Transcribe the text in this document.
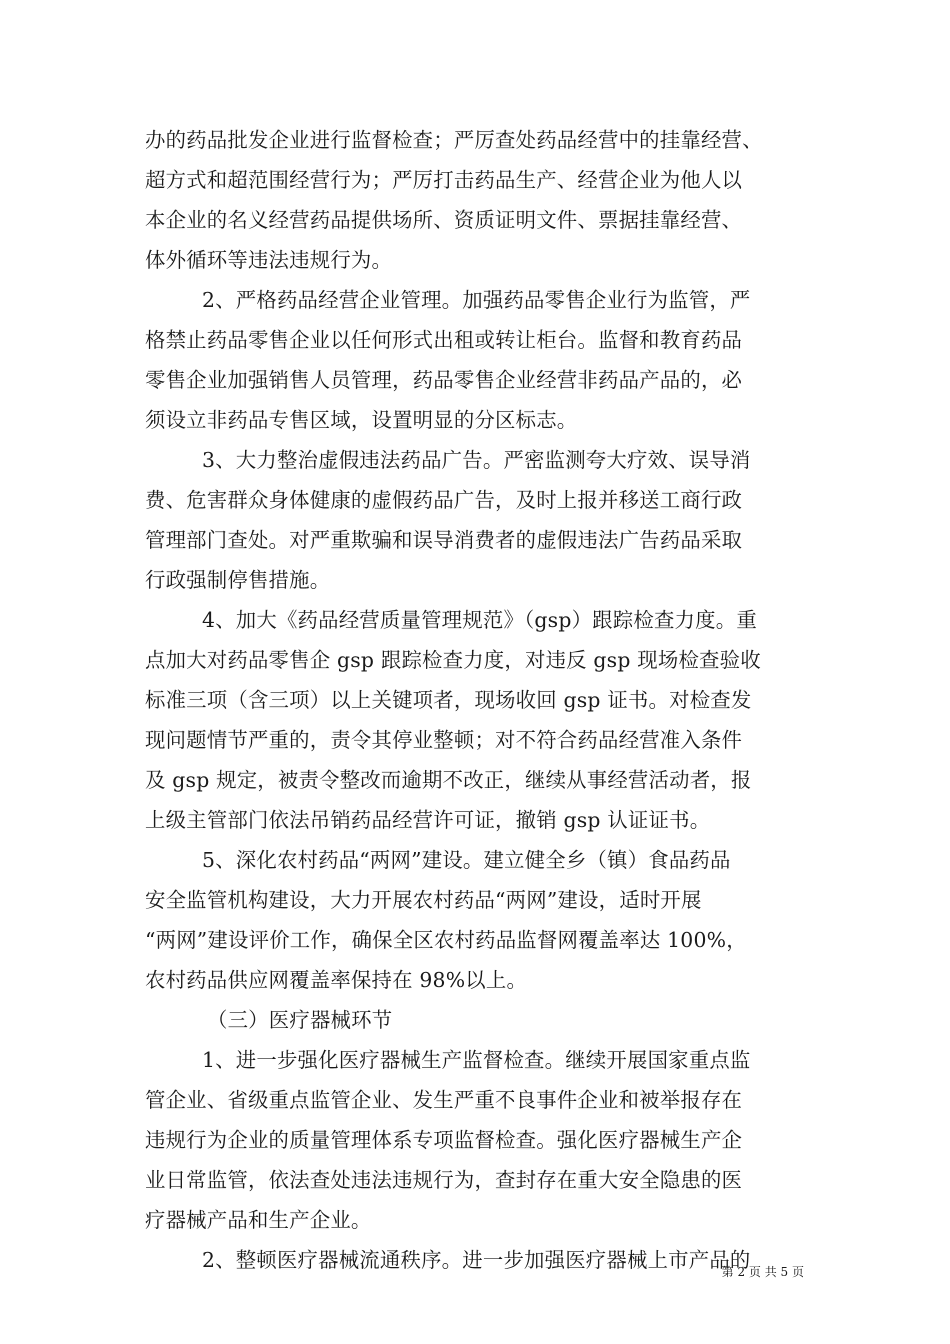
办的药品批发企业进行监督检查；严厉查处药品经营中的挂靠经营、
超方式和超范围经营行为；严厉打击药品生产、经营企业为他人以
本企业的名义经营药品提供场所、资质证明文件、票据挂靠经营、
体外循环等违法违规行为。
2、严格药品经营企业管理。加强药品零售企业行为监管，严
格禁止药品零售企业以任何形式出租或转让柜台。监督和教育药品
零售企业加强销售人员管理，药品零售企业经营非药品产品的，必
须设立非药品专售区域，设置明显的分区标志。
3、大力整治虚假违法药品广告。严密监测夸大疗效、误导消
费、危害群众身体健康的虚假药品广告，及时上报并移送工商行政
管理部门查处。对严重欺骗和误导消费者的虚假违法广告药品采取
行政强制停售措施。
4、加大《药品经营质量管理规范》（gsp）跟踪检查力度。重
点加大对药品零售企 gsp 跟踪检查力度，对违反 gsp 现场检查验收
标准三项（含三项）以上关键项者，现场收回 gsp 证书。对检查发
现问题情节严重的，责令其停业整顿；对不符合药品经营准入条件
及 gsp 规定，被责令整改而逾期不改正，继续从事经营活动者，报
上级主管部门依法吊销药品经营许可证，撤销 gsp 认证证书。
5、深化农村药品“两网”建设。建立健全乡（镇）食品药品
安全监管机构建设，大力开展农村药品“两网”建设，适时开展
“两网”建设评价工作，确保全区农村药品监督网覆盖率达 100%，
农村药品供应网覆盖率保持在 98%以上。
（三）医疗器械环节
1、进一步强化医疗器械生产监督检查。继续开展国家重点监
管企业、省级重点监管企业、发生严重不良事件企业和被举报存在
违规行为企业的质量管理体系专项监督检查。强化医疗器械生产企
业日常监管，依法查处违法违规行为，查封存在重大安全隐患的医
疗器械产品和生产企业。
2、整顿医疗器械流通秩序。进一步加强医疗器械上市产品的
第 2 页 共 5 页
